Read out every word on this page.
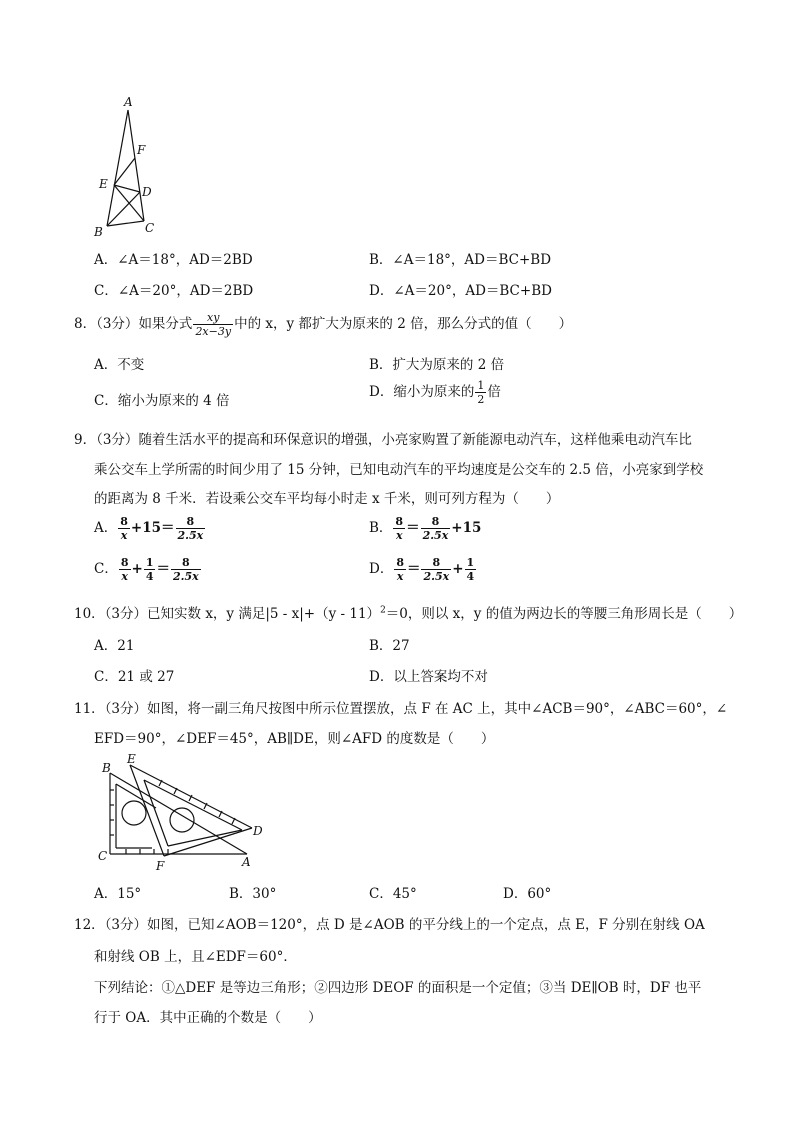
A
F
E
D
B	C
A．∠A＝18°，AD＝2BD	B．∠A＝18°，AD＝BC+BD
C．∠A＝20°，AD＝2BD	D．∠A＝20°，AD＝BC+BD
8．（3分）如果分式 $\frac{xy}{2x-3y}$ 中的 x，y 都扩大为原来的 2 倍，那么分式的值（　　）
A．不变	B．扩大为原来的 2 倍
C．缩小为原来的 4 倍
D．缩小为原来的 $\frac{1}{2}$ 倍
9．（3分）随着生活水平的提高和环保意识的增强，小亮家购置了新能源电动汽车，这样他乘电动汽车比
乘公交车上学所需的时间少用了 15 分钟，已知电动汽车的平均速度是公交车的 2.5 倍，小亮家到学校
的距离为 8 千米．若设乘公交车平均每小时走 x 千米，则可列方程为（　　）
A． $\frac{8}{x} +15= \frac{8}{2.5x}$	B． $\frac{8}{x} = \frac{8}{2.5x} +15$
C． $\frac{8}{x} + \frac{1}{4} = \frac{8}{2.5x}$	D． $\frac{8}{x} = \frac{8}{2.5x} + \frac{1}{4}$
10．（3分）已知实数 x，y 满足|5 - x|+（y - 11）$^2$＝0，则以 x，y 的值为两边长的等腰三角形周长是（　　）
A．21	B．27
C．21 或 27	D．以上答案均不对
11．（3分）如图，将一副三角尺按图中所示位置摆放，点 F 在 AC 上，其中∠ACB＝90°，∠ABC＝60°，∠
EFD＝90°，∠DEF＝45°，AB∥DE，则∠AFD 的度数是（　　）
B
E
D
C
F	A
A．15°	B．30°	C．45°	D．60°
12．（3分）如图，已知∠AOB＝120°，点 D 是∠AOB 的平分线上的一个定点，点 E，F 分别在射线 OA
和射线 OB 上，且∠EDF＝60°．
下列结论：①△DEF 是等边三角形；②四边形 DEOF 的面积是一个定值；③当 DE∥OB 时，DF 也平
行于 OA．其中正确的个数是（　　）
